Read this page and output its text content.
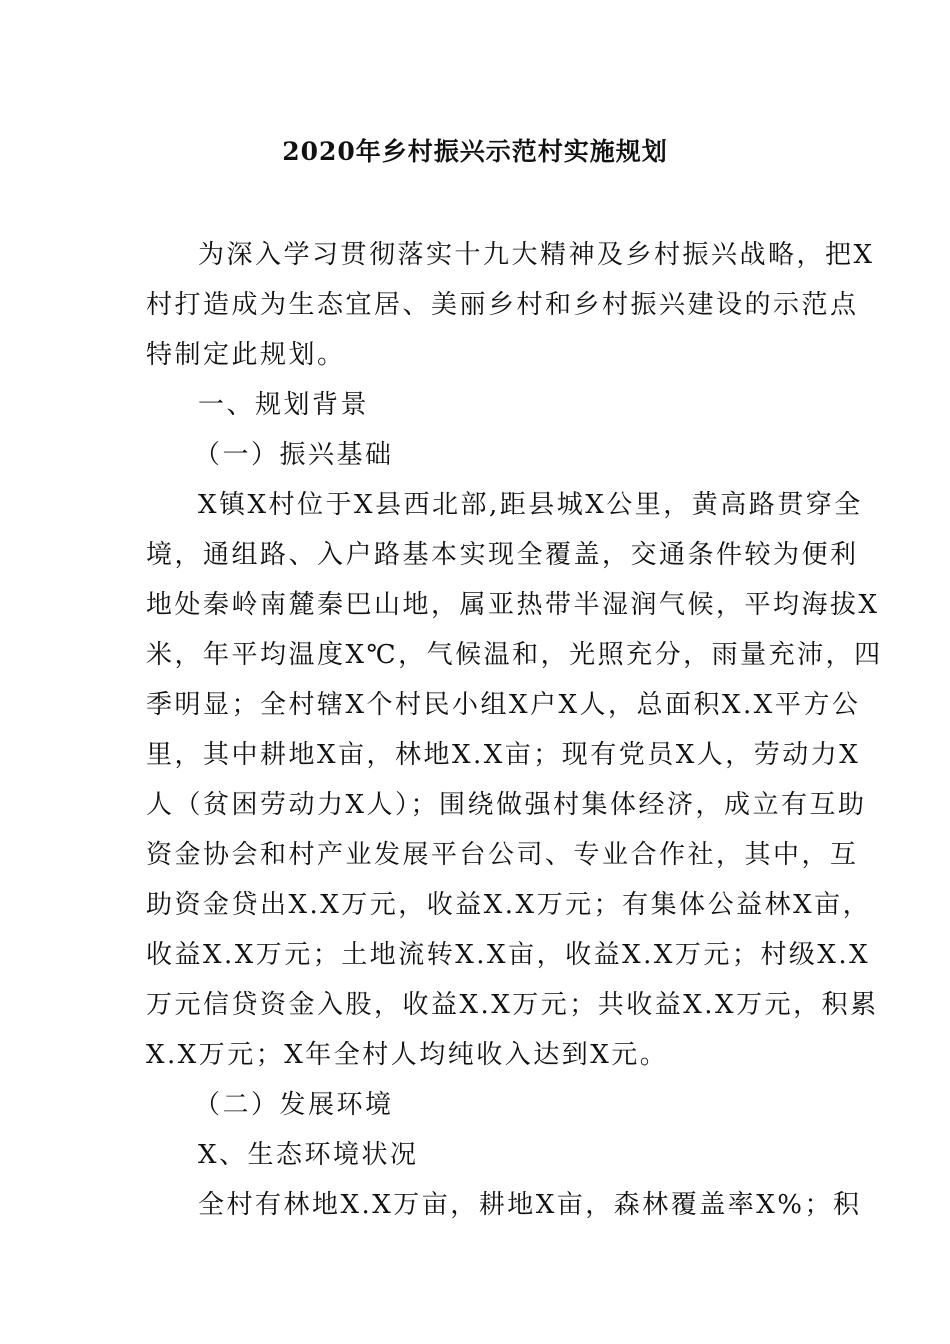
2020年乡村振兴示范村实施规划
为深入学习贯彻落实十九大精神及乡村振兴战略，把X
村打造成为生态宜居、美丽乡村和乡村振兴建设的示范点
特制定此规划。
一、规划背景
（一）振兴基础
X镇X村位于X县西北部,距县城X公里，黄高路贯穿全
境，通组路、入户路基本实现全覆盖，交通条件较为便利
地处秦岭南麓秦巴山地，属亚热带半湿润气候，平均海拔X
米，年平均温度X℃，气候温和，光照充分，雨量充沛，四
季明显；全村辖X个村民小组X户X人，总面积X.X平方公
里，其中耕地X亩，林地X.X亩；现有党员X人，劳动力X
人（贫困劳动力X人）；围绕做强村集体经济，成立有互助
资金协会和村产业发展平台公司、专业合作社，其中，互
助资金贷出X.X万元，收益X.X万元；有集体公益林X亩，
收益X.X万元；土地流转X.X亩，收益X.X万元；村级X.X
万元信贷资金入股，收益X.X万元；共收益X.X万元，积累
X.X万元；X年全村人均纯收入达到X元。
（二）发展环境
X、生态环境状况
全村有林地X.X万亩，耕地X亩，森林覆盖率X%；积
